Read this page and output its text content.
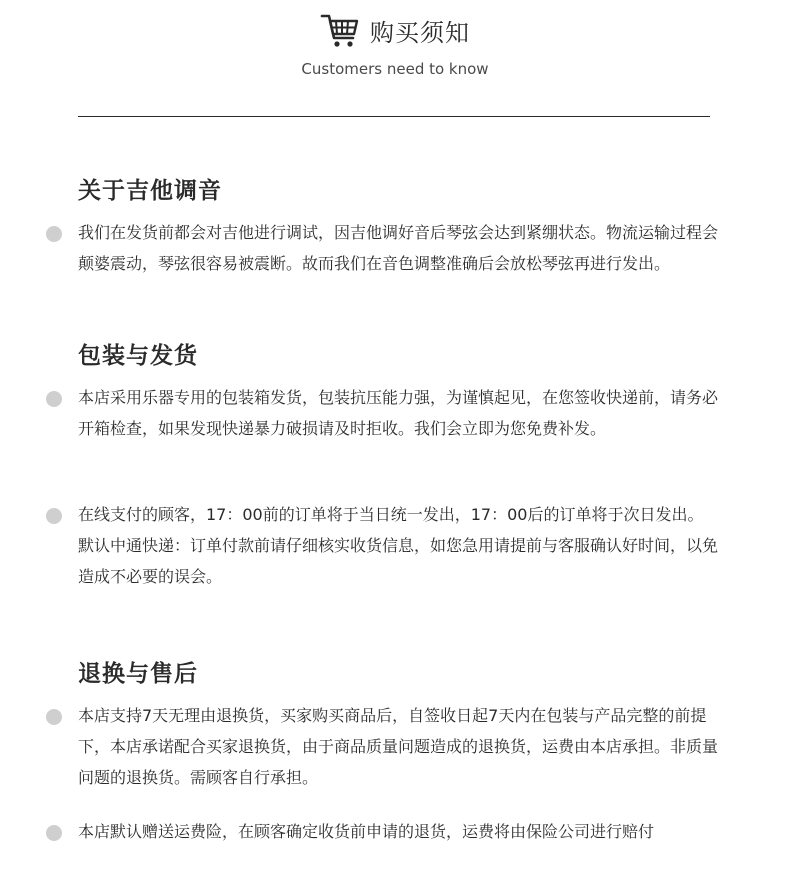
购买须知
Customers need to know
关于吉他调音
我们在发货前都会对吉他进行调试，因吉他调好音后琴弦会达到紧绷状态。物流运输过程会颠婆震动，琴弦很容易被震断。故而我们在音色调整准确后会放松琴弦再进行发出。
包装与发货
本店采用乐器专用的包装箱发货，包装抗压能力强，为谨慎起见，在您签收快递前，请务必开箱检查，如果发现快递暴力破损请及时拒收。我们会立即为您免费补发。
在线支付的顾客，17：00前的订单将于当日统一发出，17：00后的订单将于次日发出。默认中通快递：订单付款前请仔细核实收货信息，如您急用请提前与客服确认好时间，以免造成不必要的误会。
退换与售后
本店支持7天无理由退换货，买家购买商品后，自签收日起7天内在包装与产品完整的前提下，本店承诺配合买家退换货，由于商品质量问题造成的退换货，运费由本店承担。非质量问题的退换货。需顾客自行承担。
本店默认赠送运费险，在顾客确定收货前申请的退货，运费将由保险公司进行赔付
